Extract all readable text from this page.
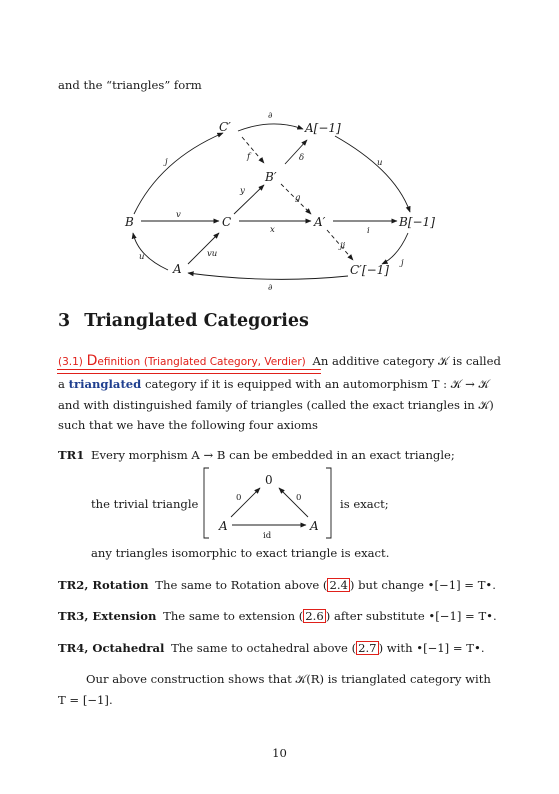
and the “triangles” form
C′	A[−1]
B′
B	C	A′	B[−1]
A	C′[−1]
∂
f	δ
j	u
y
g
v
x	i
ji
u	vu
j
∂
3 Trianglated Categories
(3.1) Definition (Trianglated Category, Verdier) An additive category 𝒦 is called
a trianglated category if it is equipped with an automorphism T : 𝒦 → 𝒦
and with distinguished family of triangles (called the exact triangles in 𝒦)
such that we have the following four axioms
TR1 Every morphism A → B can be embedded in an exact triangle;
the trivial triangle	is exact;
0
0	0
A	A
id
any triangles isomorphic to exact triangle is exact.
TR2, Rotation The same to Rotation above ( 2.4 ) but change •[−1] = T•.
TR3, Extension The same to extension ( 2.6 ) after substitute •[−1] = T•.
TR4, Octahedral The same to octahedral above ( 2.7 ) with •[−1] = T•.
Our above construction shows that 𝒦(R) is trianglated category with
T = [−1].
10
